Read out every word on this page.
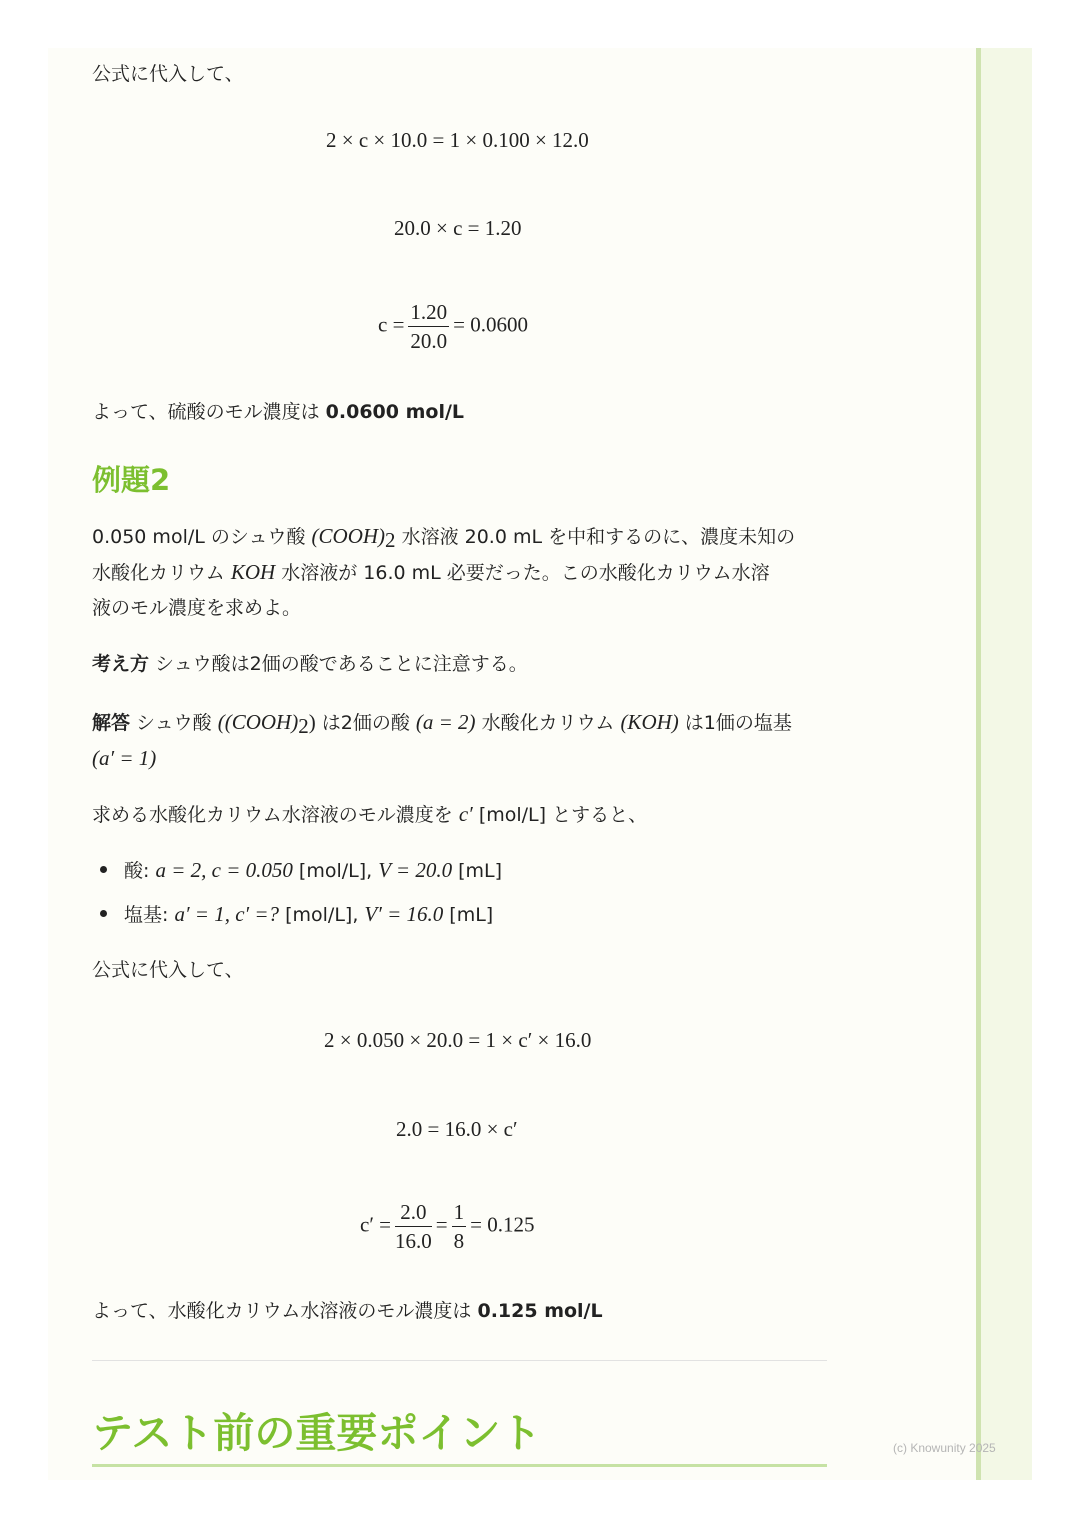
公式に代入して、
2 × c × 10.0 = 1 × 0.100 × 12.0
20.0 × c = 1.20
$c = \frac{1.20}{20.0} = 0.0600$
よって、硫酸のモル濃度は 0.0600 mol/L
例題2
0.050 mol/L のシュウ酸 $(COOH)_2$ 水溶液 20.0 mL を中和するのに、濃度未知の
水酸化カリウム KOH 水溶液が 16.0 mL 必要だった。この水酸化カリウム水溶
液のモル濃度を求めよ。
考え方 シュウ酸は2価の酸であることに注意する。
解答 シュウ酸 $((COOH)_2)$ は2価の酸 (a = 2) 水酸化カリウム (KOH) は1価の塩基
(a′ = 1)
求める水酸化カリウム水溶液のモル濃度を c′ [mol/L] とすると、
酸: a = 2, c = 0.050 [mol/L], V = 20.0 [mL]
塩基: a′ = 1, c′ =? [mol/L], V′ = 16.0 [mL]
公式に代入して、
2 × 0.050 × 20.0 = 1 × c′ × 16.0
2.0 = 16.0 × c′
$c' = \frac{2.0}{16.0} = \frac{1}{8} = 0.125$
よって、水酸化カリウム水溶液のモル濃度は 0.125 mol/L
テスト前の重要ポイント	(c) Knowunity 2025
